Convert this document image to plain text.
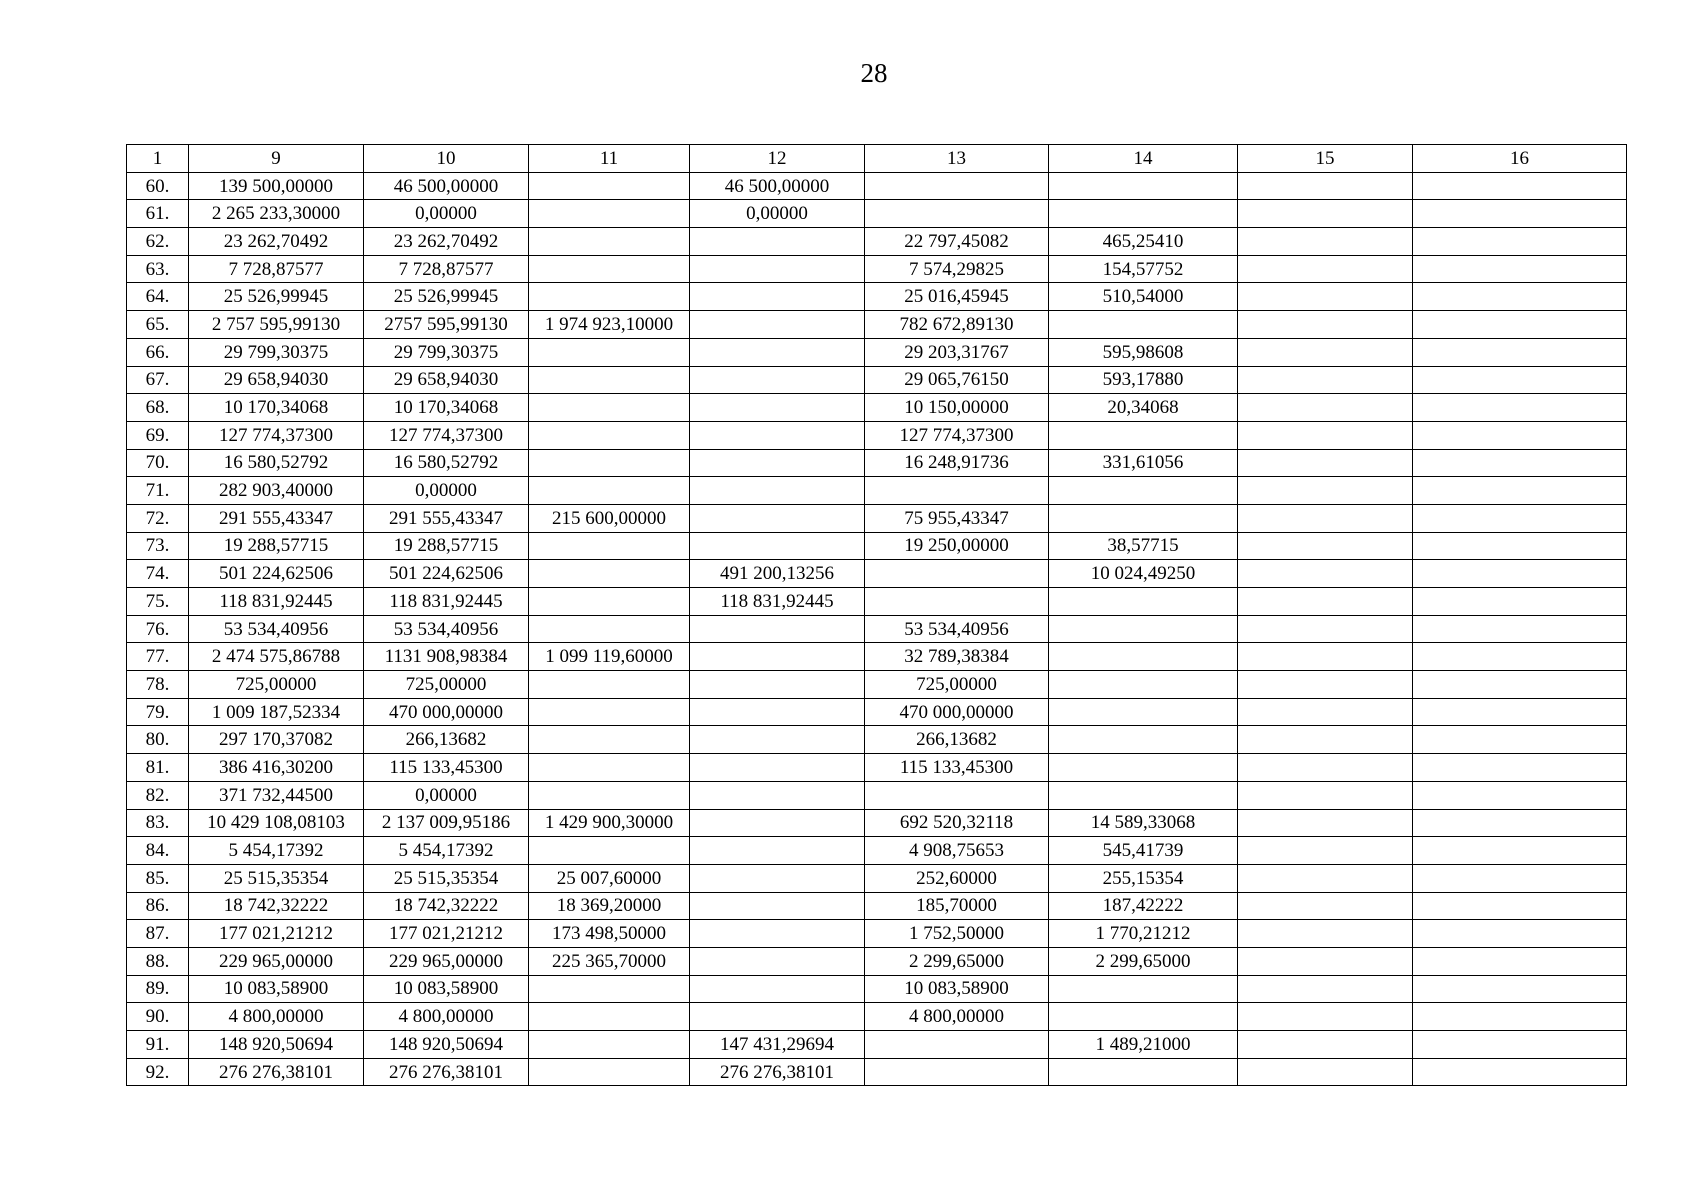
28
1	9	10	11	12	13	14	15	16
60.	139 500,00000	46 500,00000		46 500,00000				
61.	2 265 233,30000	0,00000		0,00000				
62.	23 262,70492	23 262,70492			22 797,45082	465,25410		
63.	7 728,87577	7 728,87577			7 574,29825	154,57752		
64.	25 526,99945	25 526,99945			25 016,45945	510,54000		
65.	2 757 595,99130	2757 595,99130	1 974 923,10000		782 672,89130			
66.	29 799,30375	29 799,30375			29 203,31767	595,98608		
67.	29 658,94030	29 658,94030			29 065,76150	593,17880		
68.	10 170,34068	10 170,34068			10 150,00000	20,34068		
69.	127 774,37300	127 774,37300			127 774,37300			
70.	16 580,52792	16 580,52792			16 248,91736	331,61056		
71.	282 903,40000	0,00000						
72.	291 555,43347	291 555,43347	215 600,00000		75 955,43347			
73.	19 288,57715	19 288,57715			19 250,00000	38,57715		
74.	501 224,62506	501 224,62506		491 200,13256		10 024,49250		
75.	118 831,92445	118 831,92445		118 831,92445				
76.	53 534,40956	53 534,40956			53 534,40956			
77.	2 474 575,86788	1131 908,98384	1 099 119,60000		32 789,38384			
78.	725,00000	725,00000			725,00000			
79.	1 009 187,52334	470 000,00000			470 000,00000			
80.	297 170,37082	266,13682			266,13682			
81.	386 416,30200	115 133,45300			115 133,45300			
82.	371 732,44500	0,00000						
83.	10 429 108,08103	2 137 009,95186	1 429 900,30000		692 520,32118	14 589,33068		
84.	5 454,17392	5 454,17392			4 908,75653	545,41739		
85.	25 515,35354	25 515,35354	25 007,60000		252,60000	255,15354		
86.	18 742,32222	18 742,32222	18 369,20000		185,70000	187,42222		
87.	177 021,21212	177 021,21212	173 498,50000		1 752,50000	1 770,21212		
88.	229 965,00000	229 965,00000	225 365,70000		2 299,65000	2 299,65000		
89.	10 083,58900	10 083,58900			10 083,58900			
90.	4 800,00000	4 800,00000			4 800,00000			
91.	148 920,50694	148 920,50694		147 431,29694		1 489,21000		
92.	276 276,38101	276 276,38101		276 276,38101				
